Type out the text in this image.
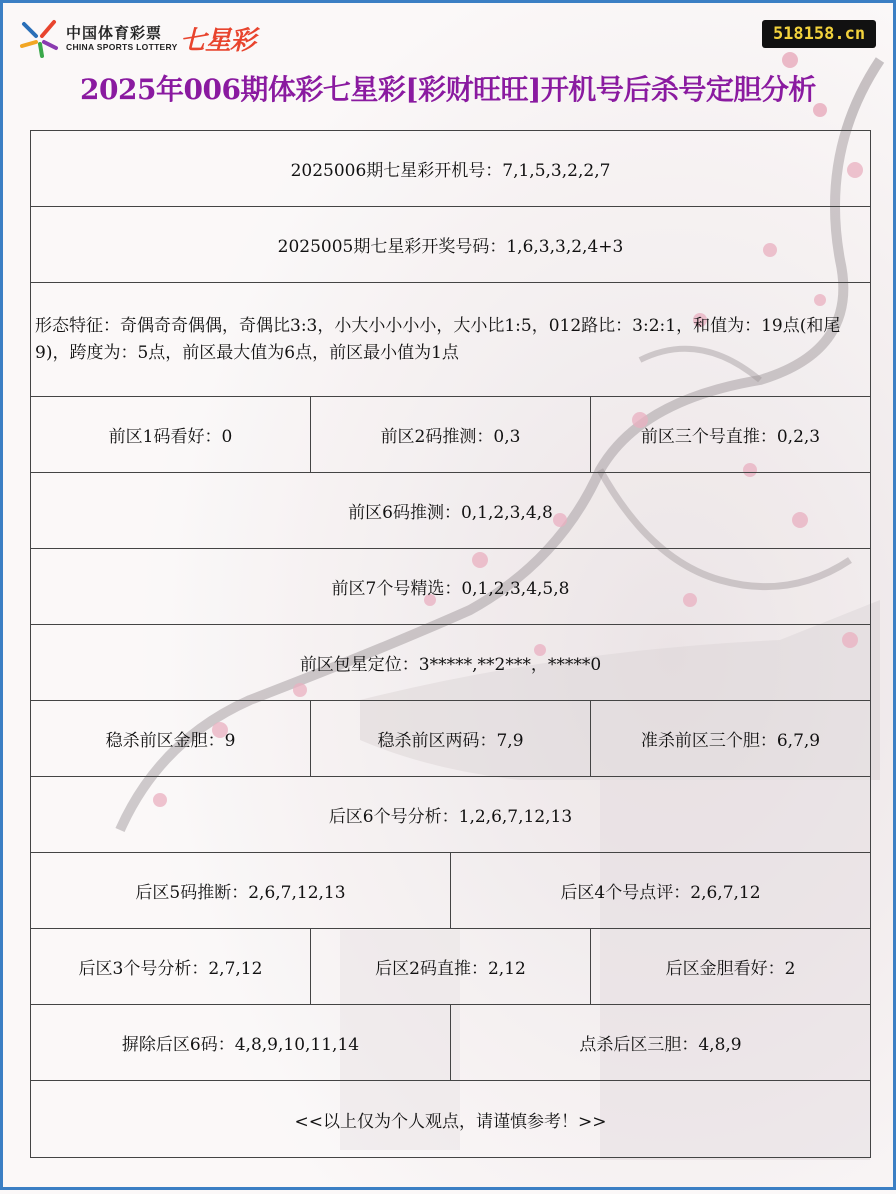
中国体育彩票
CHINA SPORTS LOTTERY 七星彩	518158.cn
2025年006期体彩七星彩[彩财旺旺]开机号后杀号定胆分析
2025006期七星彩开机号：7,1,5,3,2,2,7
2025005期七星彩开奖号码：1,6,3,3,2,4+3
形态特征：奇偶奇奇偶偶，奇偶比3:3，小大小小小小，大小比1:5，012路比：3:2:1，和值为：19点(和尾9)，跨度为：5点，前区最大值为6点，前区最小值为1点
前区1码看好：0	前区2码推测：0,3	前区三个号直推：0,2,3
前区6码推测：0,1,2,3,4,8
前区7个号精选：0,1,2,3,4,5,8
前区包星定位：3*****,**2***，*****0
稳杀前区金胆：9	稳杀前区两码：7,9	准杀前区三个胆：6,7,9
后区6个号分析：1,2,6,7,12,13
后区5码推断：2,6,7,12,13	后区4个号点评：2,6,7,12
后区3个号分析：2,7,12	后区2码直推：2,12	后区金胆看好：2
摒除后区6码：4,8,9,10,11,14	点杀后区三胆：4,8,9
<<以上仅为个人观点，请谨慎参考！>>
